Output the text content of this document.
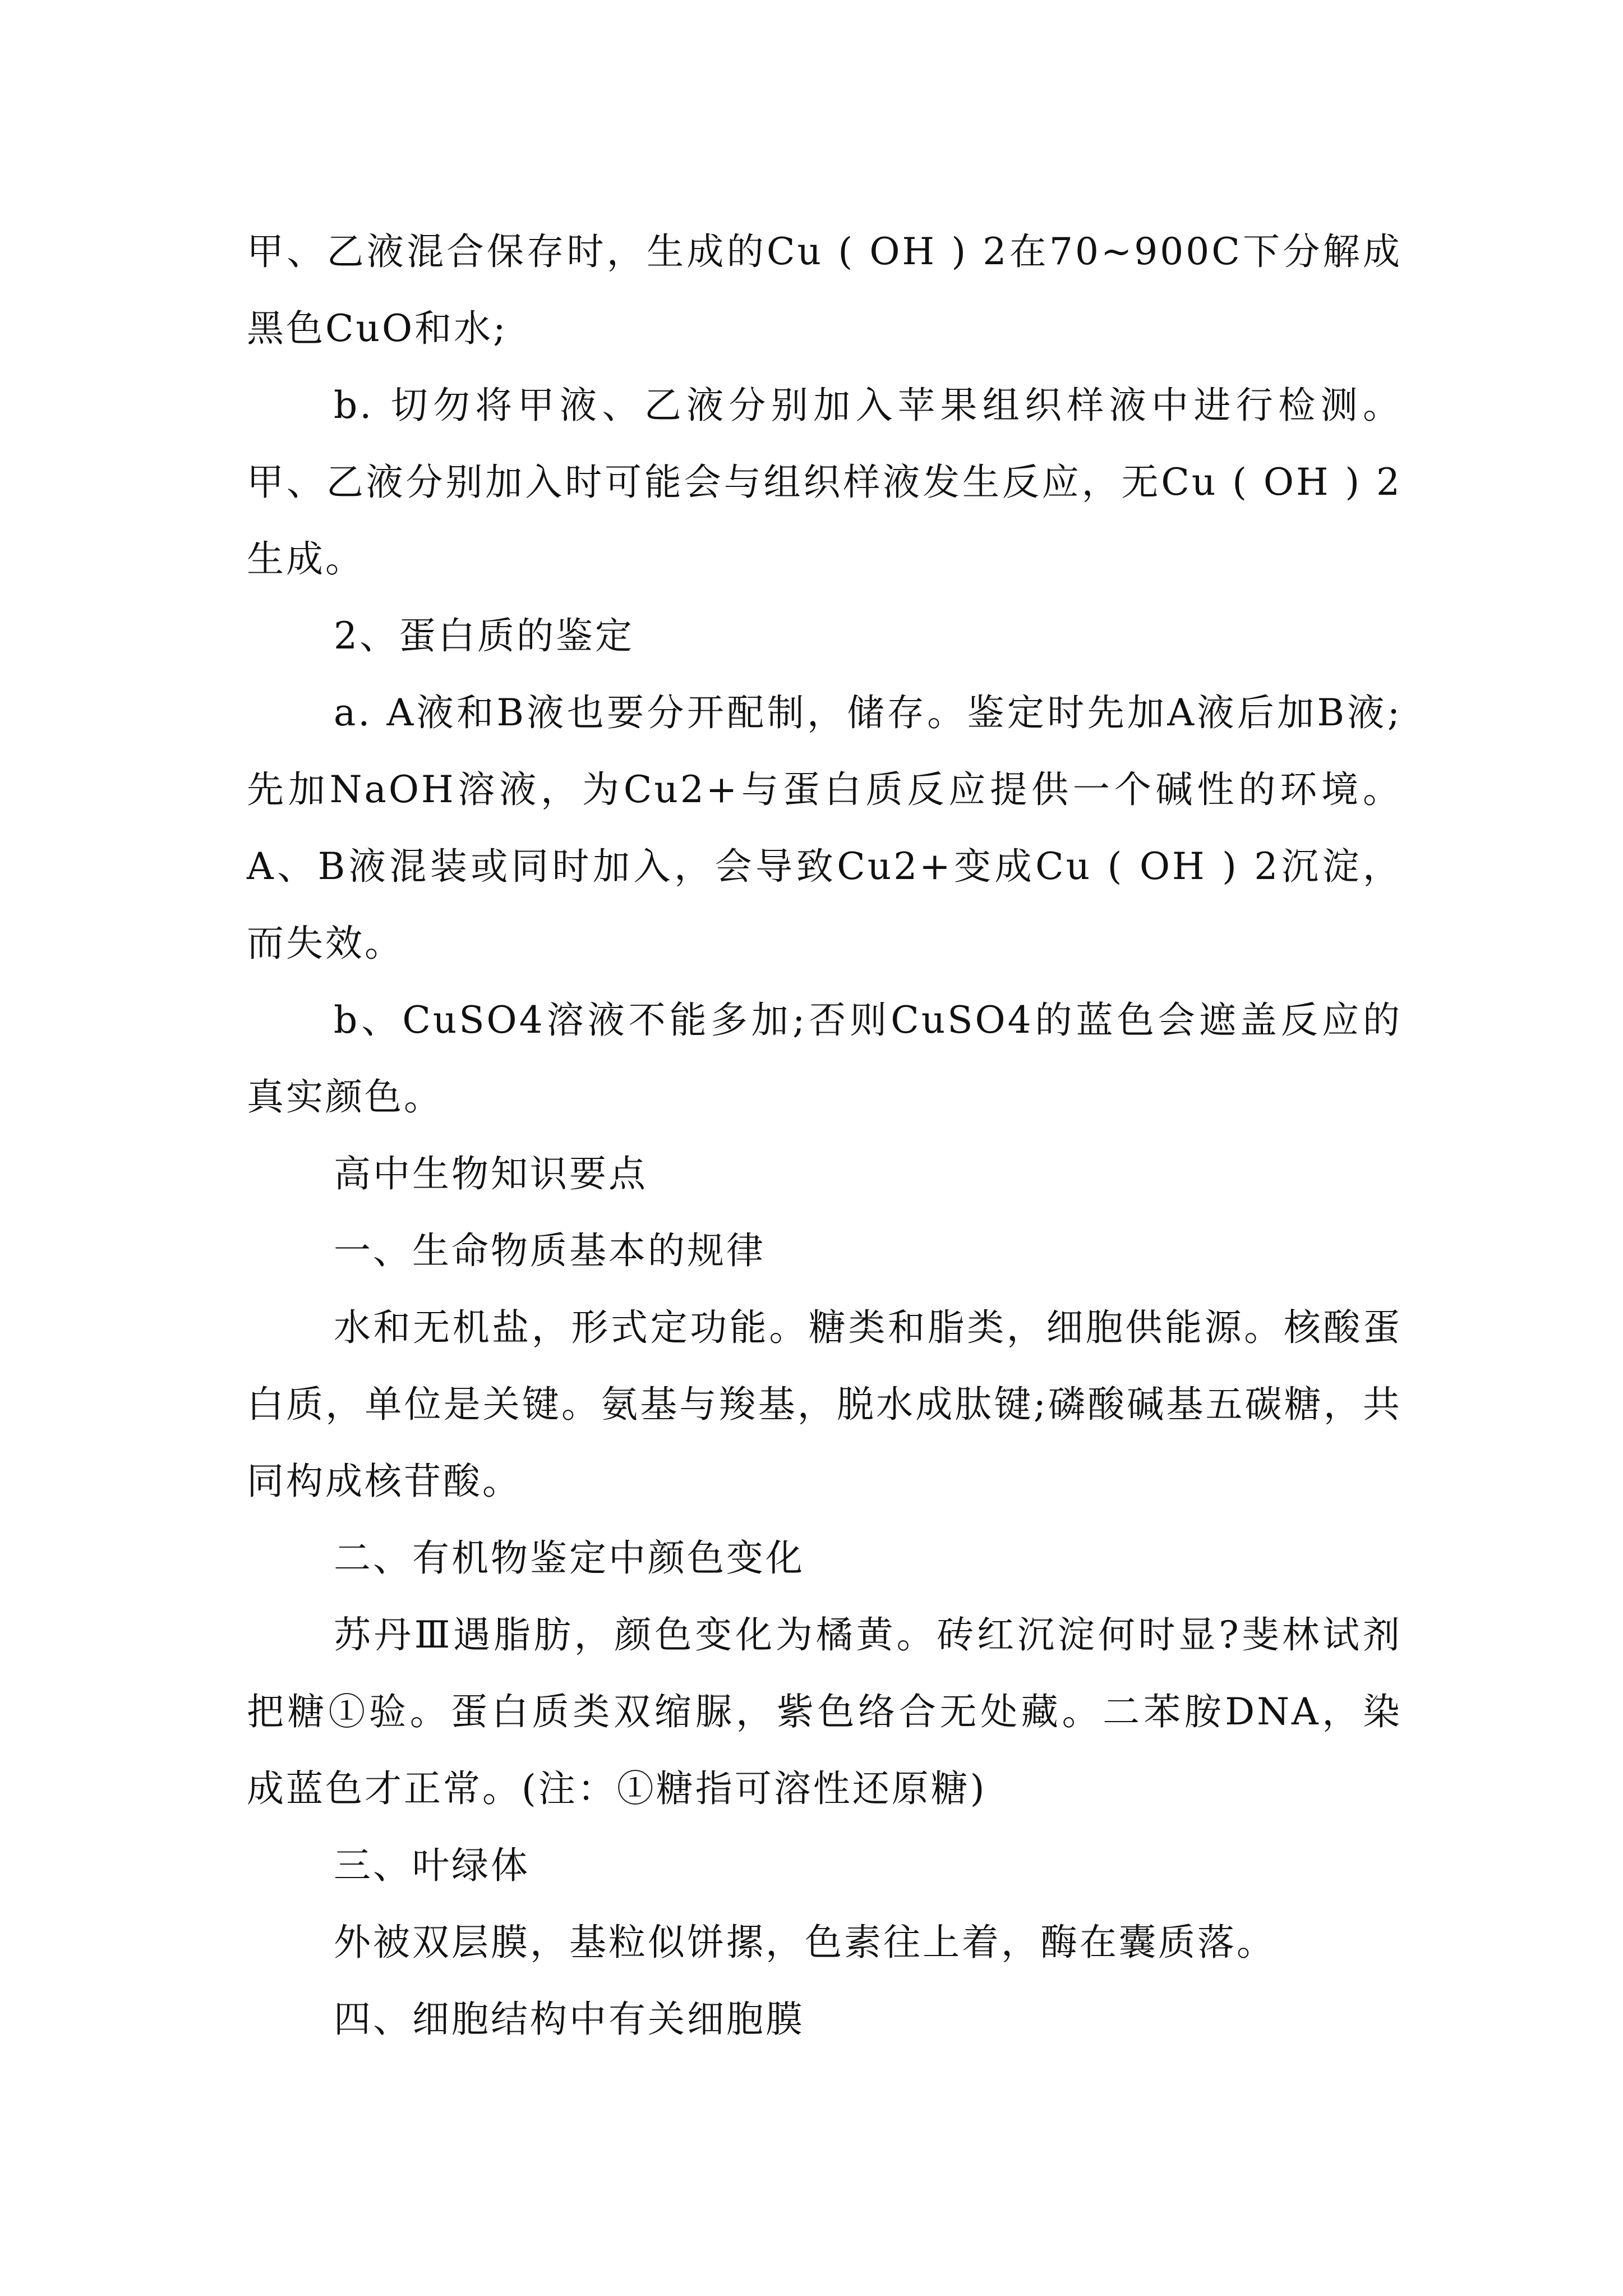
甲、乙液混合保存时，生成的Cu ( OH ) 2在70~900C下分解成黑色CuO和水;

b. 切勿将甲液、乙液分别加入苹果组织样液中进行检测。甲、乙液分别加入时可能会与组织样液发生反应，无Cu ( OH ) 2生成。

2、蛋白质的鉴定

a. A液和B液也要分开配制，储存。鉴定时先加A液后加B液;先加NaOH溶液，为Cu2+与蛋白质反应提供一个碱性的环境。A、B液混装或同时加入，会导致Cu2+变成Cu ( OH ) 2沉淀，而失效。

b、CuSO4溶液不能多加;否则CuSO4的蓝色会遮盖反应的真实颜色。

高中生物知识要点

一、生命物质基本的规律

水和无机盐，形式定功能。糖类和脂类，细胞供能源。核酸蛋白质，单位是关键。氨基与羧基，脱水成肽键;磷酸碱基五碳糖，共同构成核苷酸。

二、有机物鉴定中颜色变化

苏丹Ⅲ遇脂肪，颜色变化为橘黄。砖红沉淀何时显?斐林试剂把糖①验。蛋白质类双缩脲，紫色络合无处藏。二苯胺DNA，染成蓝色才正常。(注：①糖指可溶性还原糖)

三、叶绿体

外被双层膜，基粒似饼摞，色素往上着，酶在囊质落。

四、细胞结构中有关细胞膜
